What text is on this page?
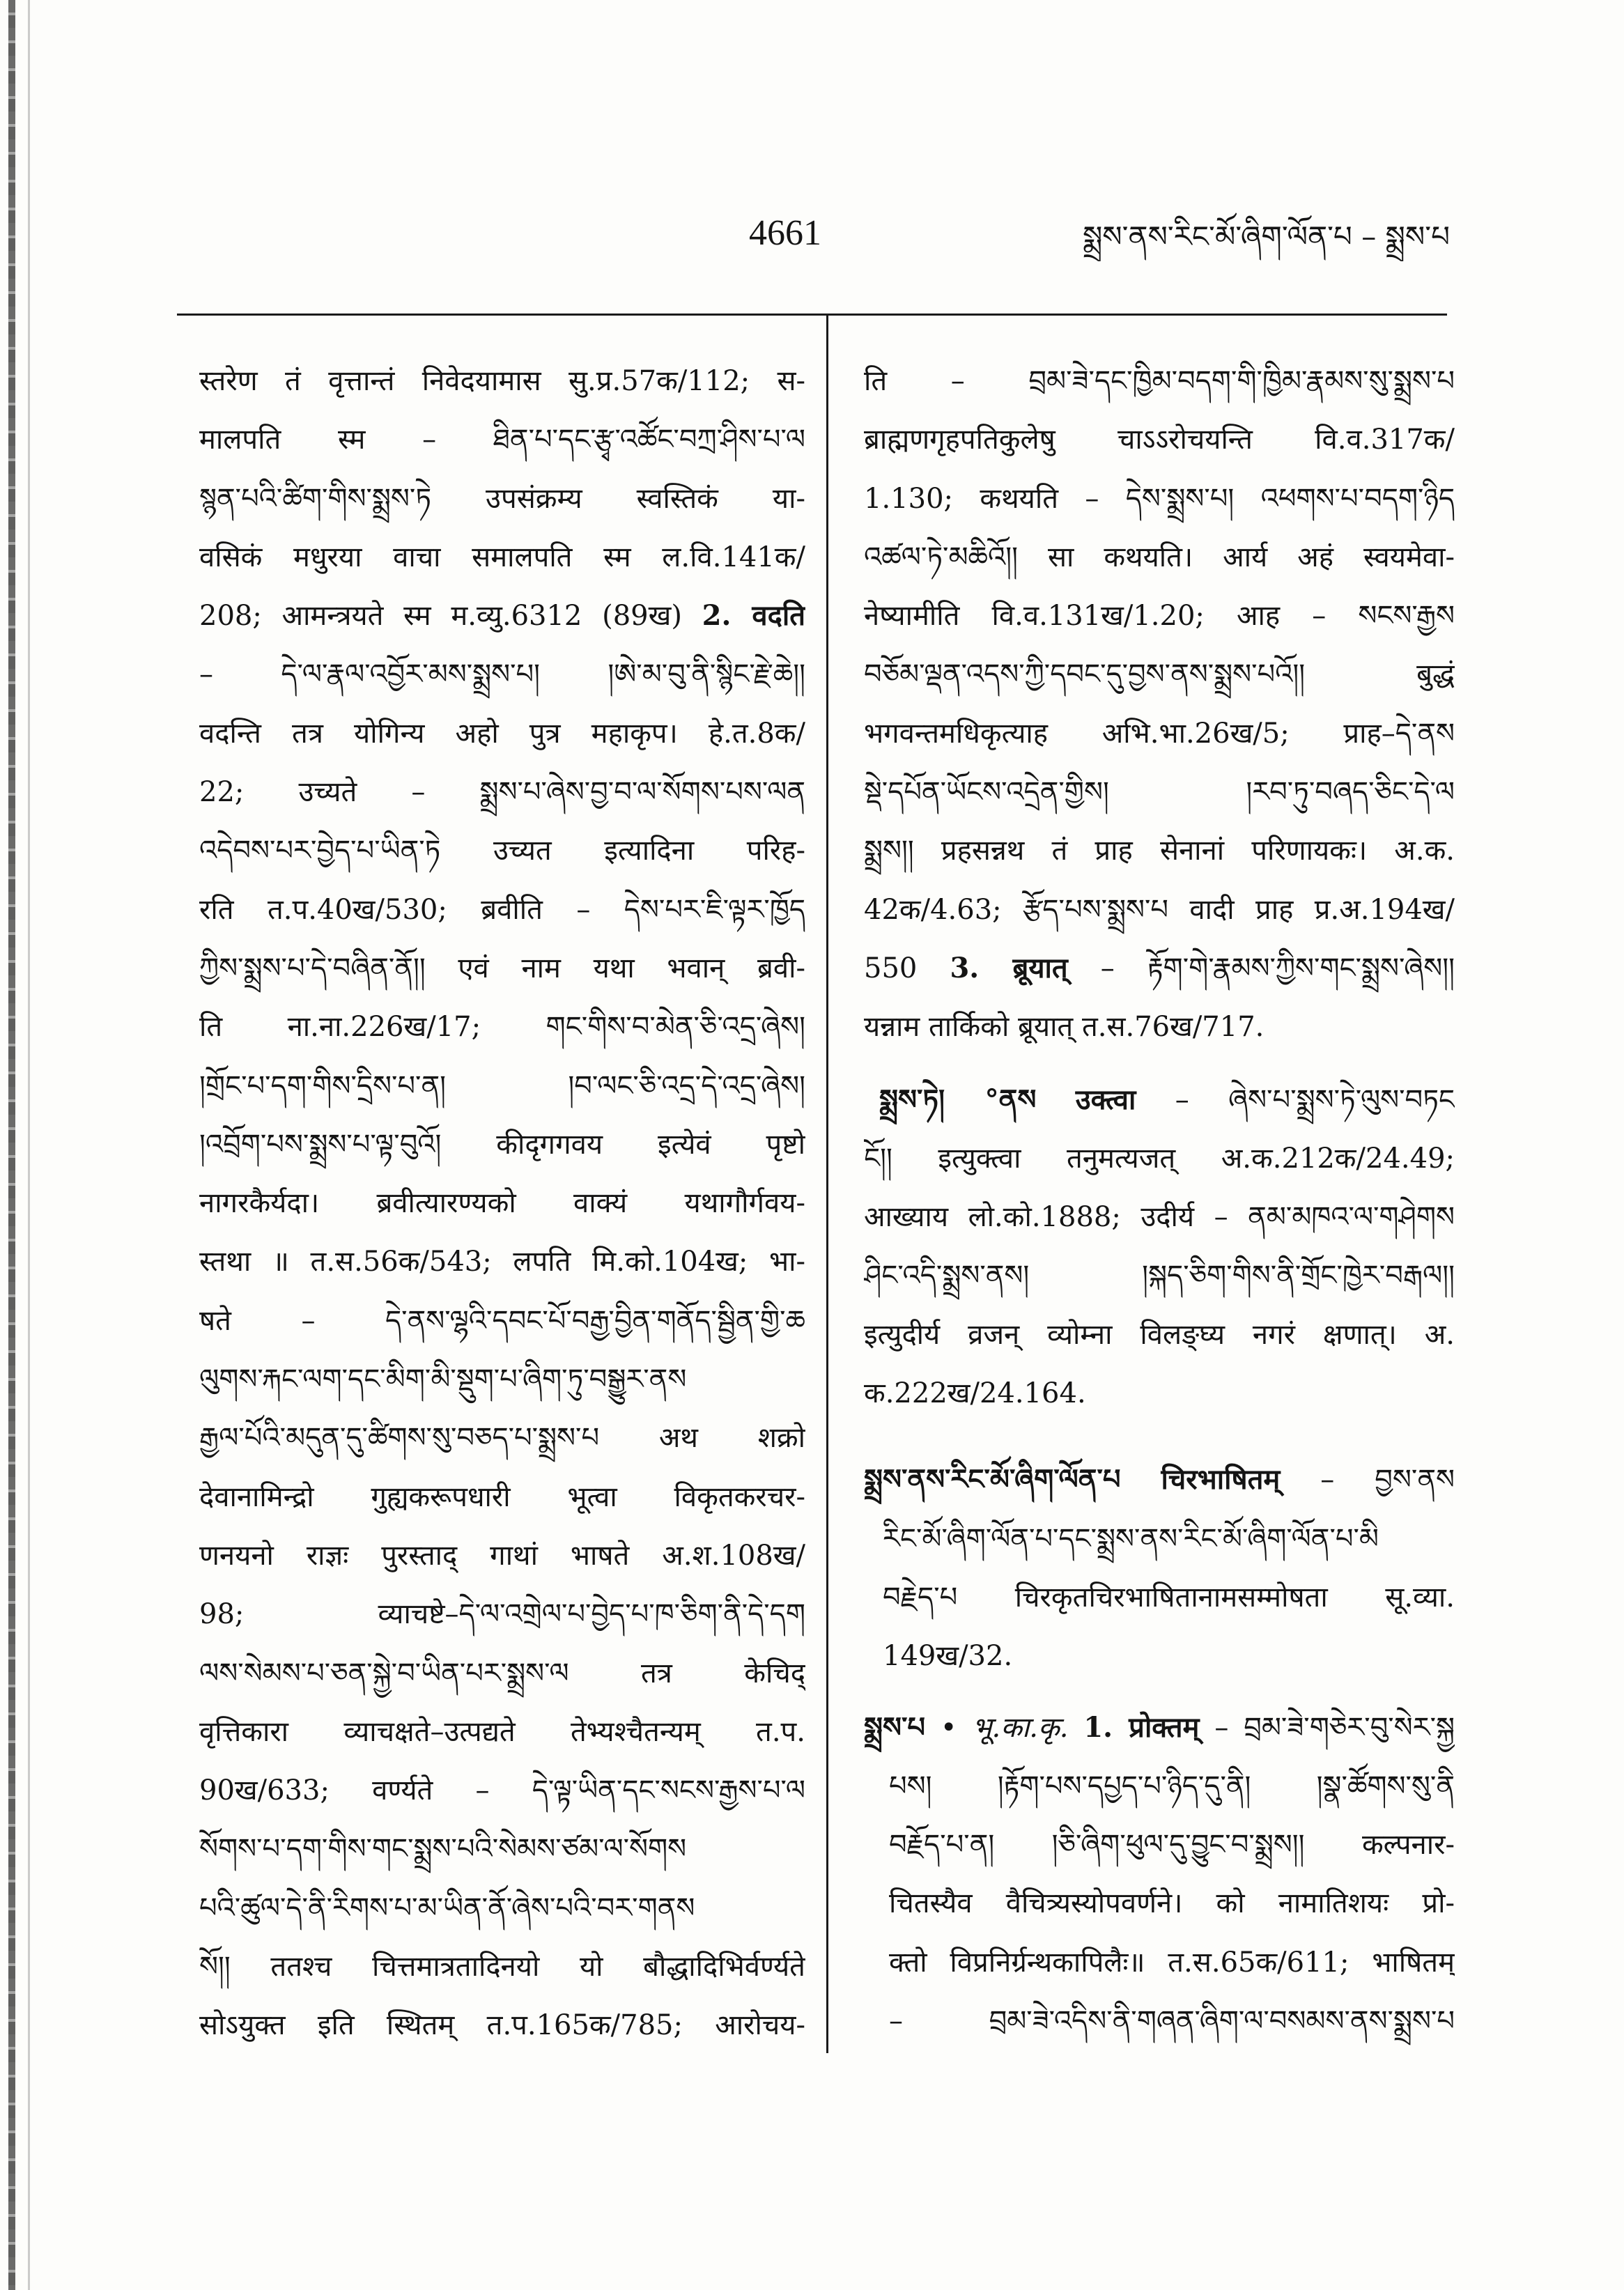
4661	སྨྲས་ནས་རིང་མོ་ཞིག་ལོན་པ – སྨྲས་པ
स्तरेण तं वृत्तान्तं निवेदयामास सु.प्र.57क/112; स-
मालपति स्म – ཐིན་པ་དང་རྩྭ་འཚོང་བཀྲ་ཤིས་པ་ལ
སྙན་པའི་ཚིག་གིས་སྨྲས་ཏེ उपसंक्रम्य स्वस्तिकं या-
वसिकं मधुरया वाचा समालपति स्म ल.वि.141क/
208; आमन्त्रयते स्म म.व्यु.6312 (89ख) 2. वदति
– དེ་ལ་རྣལ་འབྱོར་མས་སྨྲས་པ། །ཨེ་མ་བུ་ནི་སྙིང་རྗེ་ཆེ།།
वदन्ति तत्र योगिन्य अहो पुत्र महाकृप। हे.त.8क/
22; उच्यते – སྨྲས་པ་ཞེས་བྱ་བ་ལ་སོགས་པས་ལན
འདེབས་པར་བྱེད་པ་ཡིན་ཏེ उच्यत इत्यादिना परिह-
रति त.प.40ख/530; ब्रवीति – དེས་པར་ཇི་ལྟར་ཁྱོད
ཀྱིས་སྨྲས་པ་དེ་བཞིན་ནོ།། एवं नाम यथा भवान् ब्रवी-
ति ना.ना.226ख/17; གང་གིས་བ་མེན་ཅི་འདྲ་ཞེས།
།གྲོང་པ་དག་གིས་དྲིས་པ་ན། །བ་ལང་ཅི་འདྲ་དེ་འདྲ་ཞེས།
།འབྲོག་པས་སྨྲས་པ་ལྟ་བུའོ། कीदृगगवय इत्येवं पृष्टो
नागरकैर्यदा। ब्रवीत्यारण्यको वाक्यं यथागौर्गवय-
स्तथा ॥ त.स.56क/543; लपति मि.को.104ख; भा-
षते – དེ་ནས་ལྷའི་དབང་པོ་བརྒྱ་བྱིན་གནོད་སྦྱིན་གྱི་ཆ
ལུགས་རྐང་ལག་དང་མིག་མི་སྡུག་པ་ཞིག་ཏུ་བསྒྱུར་ནས
རྒྱལ་པོའི་མདུན་དུ་ཚིགས་སུ་བཅད་པ་སྨྲས་པ अथ शक्रो
देवानामिन्द्रो गुह्यकरूपधारी भूत्वा विकृतकरचर-
णनयनो राज्ञः पुरस्ताद् गाथां भाषते अ.श.108ख/
98; व्याचष्टे–དེ་ལ་འགྲེལ་པ་བྱེད་པ་ཁ་ཅིག་ནི་དེ་དག
ལས་སེམས་པ་ཅན་སྐྱེ་བ་ཡིན་པར་སྨྲས་ལ तत्र केचिद्
वृत्तिकारा व्याचक्षते–उत्पद्यते तेभ्यश्चैतन्यम् त.प.
90ख/633; वर्ण्यते – དེ་ལྟ་ཡིན་དང་སངས་རྒྱས་པ་ལ
སོགས་པ་དག་གིས་གང་སྨྲས་པའི་སེམས་ཙམ་ལ་སོགས
པའི་ཚུལ་དེ་ནི་རིགས་པ་མ་ཡིན་ནོ་ཞེས་པའི་བར་གནས
སོ།། ततश्च चित्तमात्रतादिनयो यो बौद्धादिभिर्वर्ण्यते
सोऽयुक्त इति स्थितम् त.प.165क/785; आरोचय-
ति – བྲམ་ཟེ་དང་ཁྱིམ་བདག་གི་ཁྱིམ་རྣམས་སུ་སྨྲས་པ
ब्राह्मणगृहपतिकुलेषु चाऽऽरोचयन्ति वि.व.317क/
1.130; कथयति – དེས་སྨྲས་པ། འཕགས་པ་བདག་ཉིད
འཚལ་ཏེ་མཆིའོ།། सा कथयति। आर्य अहं स्वयमेवा-
नेष्यामीति वि.व.131ख/1.20; आह – སངས་རྒྱས
བཅོམ་ལྡན་འདས་ཀྱི་དབང་དུ་བྱས་ནས་སྨྲས་པའོ།། बुद्धं
भगवन्तमधिकृत्याह अभि.भा.26ख/5; प्राह–དེ་ནས
སྡེ་དཔོན་ཡོངས་འདྲེན་གྱིས། །རབ་ཏུ་བཞད་ཅིང་དེ་ལ
སྨྲས།། प्रहसन्नथ तं प्राह सेनानां परिणायकः। अ.क.
42क/4.63; རྩོད་པས་སྨྲས་པ वादी प्राह प्र.अ.194ख/
550 3. ब्रूयात् – རྟོག་གེ་རྣམས་ཀྱིས་གང་སྨྲས་ཞེས།།
यन्नाम तार्किको ब्रूयात् त.स.76ख/717.
སྨྲས་ཏེ། °ནས उक्त्वा – ཞེས་པ་སྨྲས་ཏེ་ལུས་བཏང
ངོ།། इत्युक्त्वा तनुमत्यजत् अ.क.212क/24.49;
आख्याय लो.को.1888; उदीर्य – ནམ་མཁའ་ལ་གཤེགས
ཤིང་འདི་སྨྲས་ནས། །སྐད་ཅིག་གིས་ནི་གྲོང་ཁྱེར་བརྒལ།།
इत्युदीर्य व्रजन् व्योम्ना विलङ्घ्य नगरं क्षणात्। अ.
क.222ख/24.164.
སྨྲས་ནས་རིང་མོ་ཞིག་ལོན་པ चिरभाषितम् – བྱས་ནས
རིང་མོ་ཞིག་ལོན་པ་དང་སྨྲས་ནས་རིང་མོ་ཞིག་ལོན་པ་མི
བརྗེད་པ चिरकृतचिरभाषितानामसम्मोषता सू.व्या.
149ख/32.
སྨྲས་པ • भू.का.कृ. 1. प्रोक्तम् – བྲམ་ཟེ་གཅེར་བུ་སེར་སྐྱ
པས། །རྟོག་པས་དཔྱད་པ་ཉིད་དུ་ནི། །སྣ་ཚོགས་སུ་ནི
བརྗོད་པ་ན། །ཅི་ཞིག་ཕུལ་དུ་བྱུང་བ་སྨྲས།། कल्पनार-
चितस्यैव वैचित्र्यस्योपवर्णने। को नामातिशयः प्रो-
क्तो विप्रनिर्ग्रन्थकापिलैः॥ त.स.65क/611; भाषितम्
– བྲམ་ཟེ་འདིས་ནི་གཞན་ཞིག་ལ་བསམས་ནས་སྨྲས་པ
